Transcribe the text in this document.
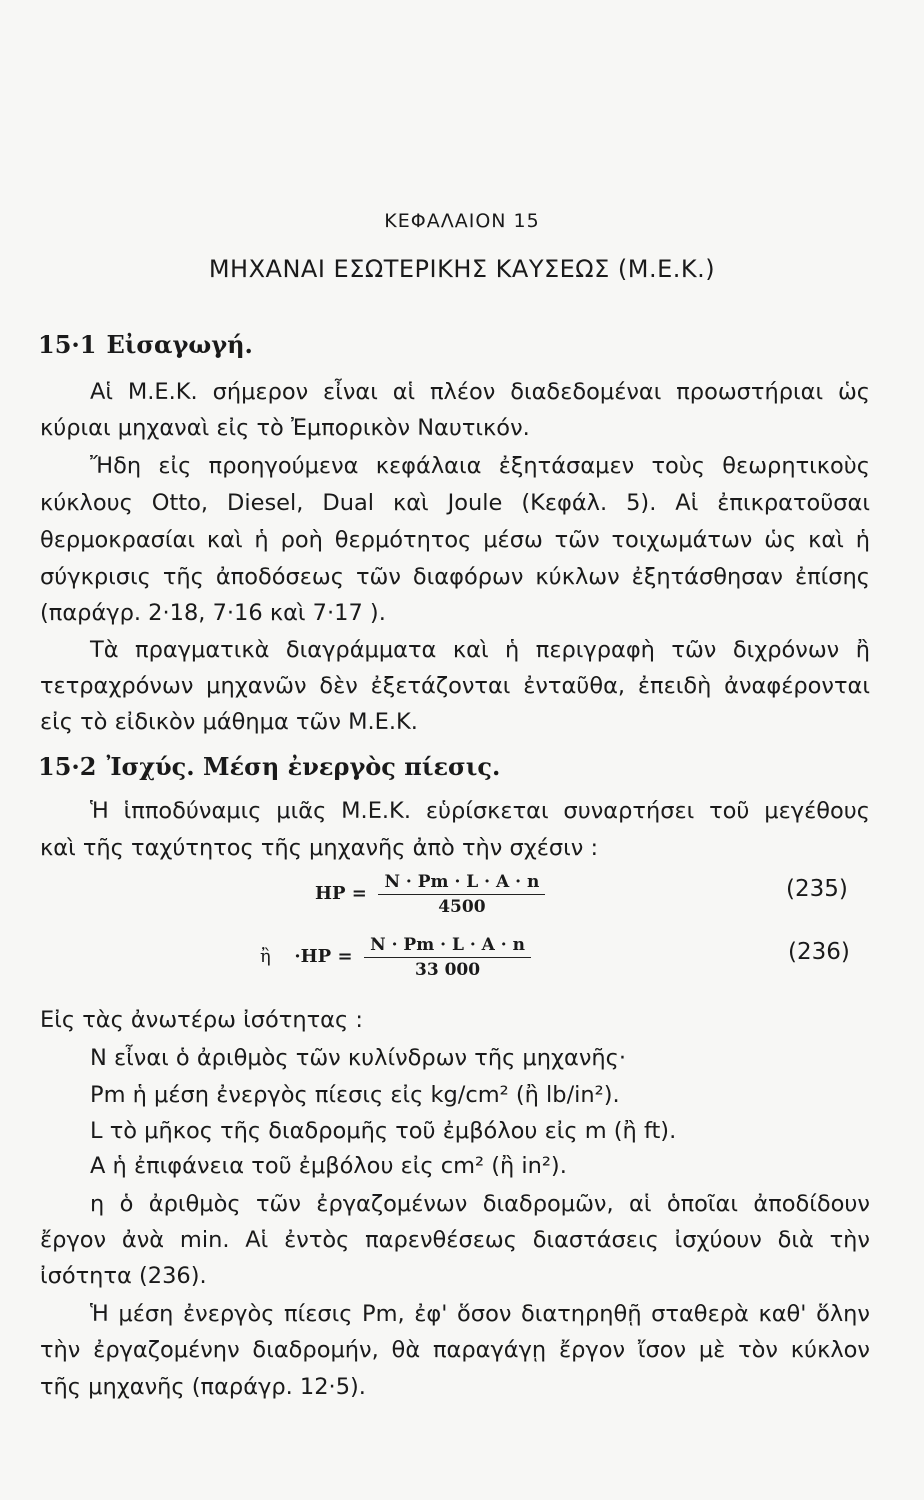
ΚΕΦΑΛΑΙΟΝ 15
ΜΗΧΑΝΑΙ ΕΣΩΤΕΡΙΚΗΣ ΚΑΥΣΕΩΣ (Μ.Ε.Κ.)
15·1 Εἰσαγωγή.
Αἱ Μ.Ε.Κ. σήμερον εἶναι αἱ πλέον διαδεδομέναι προωστήριαι ὡς
κύριαι μηχαναὶ εἰς τὸ Ἐμπορικὸν Ναυτικόν.
Ἤδη εἰς προηγούμενα κεφάλαια ἐξητάσαμεν τοὺς θεωρητικοὺς
κύκλους Otto, Diesel, Dual καὶ Joule (Κεφάλ. 5). Αἱ ἐπικρατοῦσαι
θερμοκρασίαι καὶ ἡ ροὴ θερμότητος μέσω τῶν τοιχωμάτων ὡς καὶ ἡ
σύγκρισις τῆς ἀποδόσεως τῶν διαφόρων κύκλων ἐξητάσθησαν ἐπίσης
(παράγρ. 2·18, 7·16 καὶ 7·17 ).
Τὰ πραγματικὰ διαγράμματα καὶ ἡ περιγραφὴ τῶν διχρόνων ἢ
τετραχρόνων μηχανῶν δὲν ἐξετάζονται ἐνταῦθα, ἐπειδὴ ἀναφέρονται
εἰς τὸ εἰδικὸν μάθημα τῶν Μ.Ε.Κ.
15·2 Ἰσχύς. Μέση ἐνεργὸς πίεσις.
Ἡ ἱπποδύναμις μιᾶς Μ.Ε.Κ. εὑρίσκεται συναρτήσει τοῦ μεγέθους
καὶ τῆς ταχύτητος τῆς μηχανῆς ἀπὸ τὴν σχέσιν :
HP = $\frac{N \cdot Pm \cdot L \cdot A \cdot n}{4500}$	(235)
ἢ $\cdot HP = \frac{N \cdot Pm \cdot L \cdot A \cdot n}{33 000}$	(236)
Εἰς τὰς ἀνωτέρω ἰσότητας :
N εἶναι ὁ ἀριθμὸς τῶν κυλίνδρων τῆς μηχανῆς·
Pm ἡ μέση ἐνεργὸς πίεσις εἰς kg/cm² (ἢ lb/in²).
L τὸ μῆκος τῆς διαδρομῆς τοῦ ἐμβόλου εἰς m (ἢ ft).
A ἡ ἐπιφάνεια τοῦ ἐμβόλου εἰς cm² (ἢ in²).
η ὁ ἀριθμὸς τῶν ἐργαζομένων διαδρομῶν, αἱ ὁποῖαι ἀποδίδουν
ἔργον ἀνὰ min. Αἱ ἐντὸς παρενθέσεως διαστάσεις ἰσχύουν διὰ τὴν
ἰσότητα (236).
Ἡ μέση ἐνεργὸς πίεσις Pm, ἐφ' ὅσον διατηρηθῇ σταθερὰ καθ' ὅλην
τὴν ἐργαζομένην διαδρομήν, θὰ παραγάγῃ ἔργον ἴσον μὲ τὸν κύκλον
τῆς μηχανῆς (παράγρ. 12·5).
